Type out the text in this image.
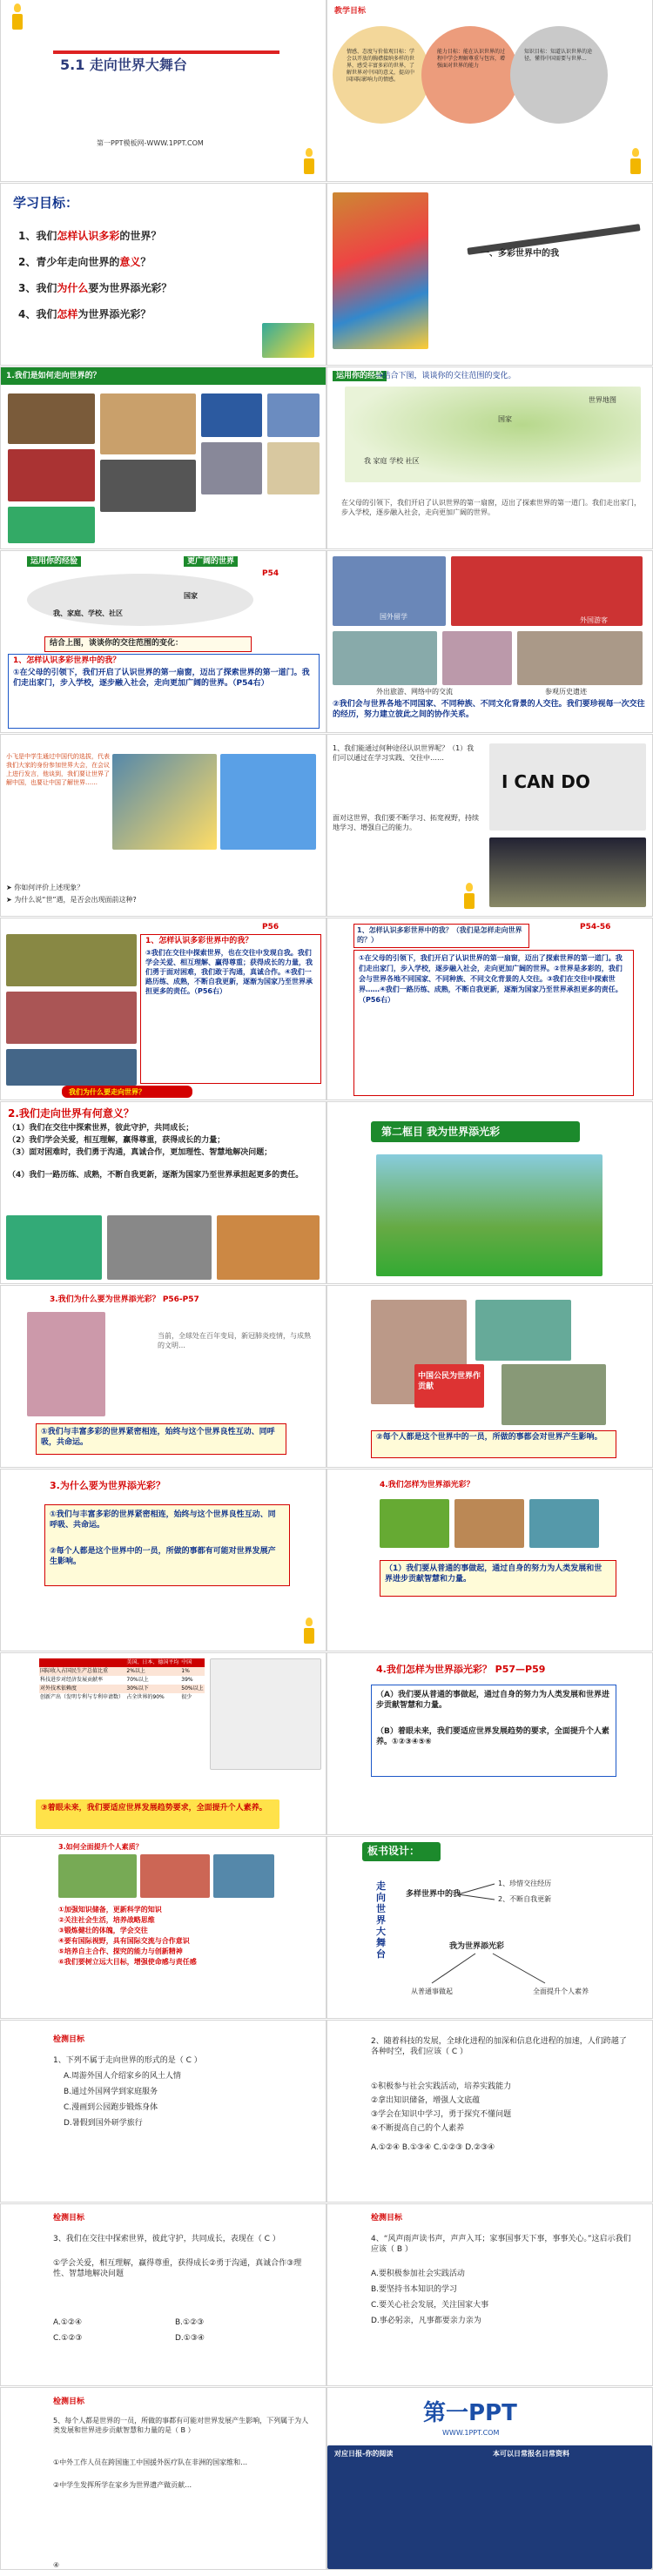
5.1 走向世界大舞台
第一PPT模板网-WWW.1PPT.COM
教学目标
情感、态度与价值观目标：学会以开放的胸襟接纳多样的世界，感受丰富多彩的世界，了解世界对中国的意义，提高中国国际影响力的情感。
能力目标：能在认识世界的过程中学会理解尊重与包容，增强面对世界的能力
知识目标：知道认识世界的途径，懂得中国需要与世界...
学习目标：
1、我们怎样认识多彩的世界？
2、青少年走向世界的意义？
3、我们为什么要为世界添光彩？
4、我们怎样为世界添光彩？
一、多彩世界中的我
1.我们是如何走向世界的？	运用你的经验
→结合下图，谈谈你的交往范围的变化。
世界地图
国家
我 家庭 学校 社区
在父母的引领下，我们开启了认识世界的第一扇窗，迈出了探索世界的第一道门。我们走出家门，步入学校，逐步融入社会，走向更加广阔的世界。
运用你的经验	更广阔的世界
P54
国家
我、家庭、学校、社区
结合上图，谈谈你的交往范围的变化：
1、怎样认识多彩世界中的我？
①在父母的引领下，我们开启了认识世界的第一扇窗，迈出了探索世界的第一道门。我们走出家门，步入学校，逐步融入社会，走向更加广阔的世界。（P54右）
国外留学	外国游客
外出旅游、网络中的交流	参观历史遗迹
②我们会与世界各地不同国家、不同种族、不同文化背景的人交往。我们要珍视每一次交往的经历，努力建立彼此之间的协作关系。
小飞是中学生通过中国代的选拔，代表我们大家的身份参加世界大会，在会议上进行发言，他谈到，我们要让世界了解中国，也要让中国了解世界……
➤ 你如何评价上述现象？
➤ 为什么说“世”遇，是否会出现面前这种?
1、我们能通过何种途径认识世界呢？（1）我们可以通过在学习实践、交往中……
I CAN DO
面对这世界，我们要不断学习、拓宽视野，持续地学习、增强自己的能力。
P56
1、怎样认识多彩世界中的我？
③我们在交往中探索世界，也在交往中发现自我。我们学会关爱、相互理解、赢得尊重；获得成长的力量，我们勇于面对困难，我们敢于沟通，真诚合作。④我们一路历练、成熟，不断自我更新，逐渐为国家乃至世界承担更多的责任。（P56右）
我们为什么要走向世界？
P54-56
1、怎样认识多彩世界中的我？（我们是怎样走向世界的？）
①在父母的引领下，我们开启了认识世界的第一扇窗，迈出了探索世界的第一道门。我们走出家门，步入学校，逐步融入社会，走向更加广阔的世界。②世界是多彩的，我们会与世界各地不同国家、不同种族、不同文化背景的人交往。③我们在交往中探索世界……④我们一路历练、成熟，不断自我更新，逐渐为国家乃至世界承担更多的责任。（P56右）
2.我们走向世界有何意义？
（1）我们在交往中探索世界，彼此守护，共同成长；
（2）我们学会关爱，相互理解，赢得尊重，获得成长的力量；
（3）面对困难时，我们勇于沟通，真诚合作，更加理性、智慧地解决问题；
（4）我们一路历练、成熟，不断自我更新，逐渐为国家乃至世界承担起更多的责任。
第二框目 我为世界添光彩
3.我们为什么要为世界添光彩？ P56-P57
当前，全球处在百年变局，新冠肺炎疫情，与成熟的文明…
①我们与丰富多彩的世界紧密相连，始终与这个世界良性互动、同呼吸，共命运。
中国公民为世界作贡献
②每个人都是这个世界中的一员，所做的事都会对世界产生影响。
3.为什么要为世界添光彩？
①我们与丰富多彩的世界紧密相连，始终与这个世界良性互动、同呼吸、共命运。
②每个人都是这个世界中的一员，所做的事都有可能对世界发展产生影响。
4.我们怎样为世界添光彩？
（1）我们要从普通的事做起，通过自身的努力为人类发展和世界进步贡献智慧和力量。
	美国、日本、德国平均	中国
国际收入占国民生产总值比重	2%以上	1%
科技进步对经济发展贡献率	70%以上	39%
对外技术依赖度	30%以下	50%以上
创新产出（发明专利与专利申请数）	占全世界的90%	很少
③着眼未来，我们要适应世界发展趋势要求，全面提升个人素养。
4.我们怎样为世界添光彩？ P57—P59
（A）我们要从普通的事做起，通过自身的努力为人类发展和世界进步贡献智慧和力量。
（B）着眼未来，我们要适应世界发展趋势的要求，全面提升个人素养。①②③④⑤⑥
3.如何全面提升个人素质？
①加强知识储备，更新科学的知识
②关注社会生活，培养战略思维
③锻炼健壮的体魄，学会交往
④要有国际视野，具有国际交流与合作意识
⑤培养自主合作、探究的能力与创新精神
⑥我们要树立远大目标，增强使命感与责任感
板书设计：
走向世界大舞台
多样世界中的我
1、珍惜交往经历
2、不断自我更新
我为世界添光彩
从普通事做起	全面提升个人素养
检测目标
1、下列不属于走向世界的形式的是（ C ）
A.周游外国人介绍家乡的风土人情
B.通过外国网学到家庭服务
C.漫画到公园跑步锻炼身体
D.暑假到国外研学旅行
2、随着科技的发展，全球化进程的加深和信息化进程的加速，人们跨越了各种时空，我们应该（ C ）
①积极参与社会实践活动，培养实践能力
②拿出知识储备，增强人文底蕴
③学会在知识中学习，勇于探究不懂问题
④不断提高自己的个人素养
A.①②④ B.①③④ C.①②③ D.②③④
检测目标
3、我们在交往中探索世界，彼此守护，共同成长，表现在（ C ）
①学会关爱，相互理解，赢得尊重，获得成长②勇于沟通，真诚合作③理性、智慧地解决问题
A.①②④	B.①②③
C.①②③	D.①③④
检测目标
4、“风声雨声读书声，声声入耳；家事国事天下事，事事关心。”这启示我们应该（ B ）
A.要积极参加社会实践活动
B.要坚持书本知识的学习
C.要关心社会发展，关注国家大事
D.事必躬亲，凡事都要亲力亲为
检测目标
5、每个人都是世界的一员，所做的事都有可能对世界发展产生影响，下列属于为人类发展和世界进步贡献智慧和力量的是（ B ）
①中外工作人员在跨国施工中国援外医疗队在非洲的国家维和…
②中学生发挥所学在家乡为世界遗产做贡献…
④
第一PPT
WWW.1PPT.COM
对应日报-你的阅读	本可以日常报名日常资料
